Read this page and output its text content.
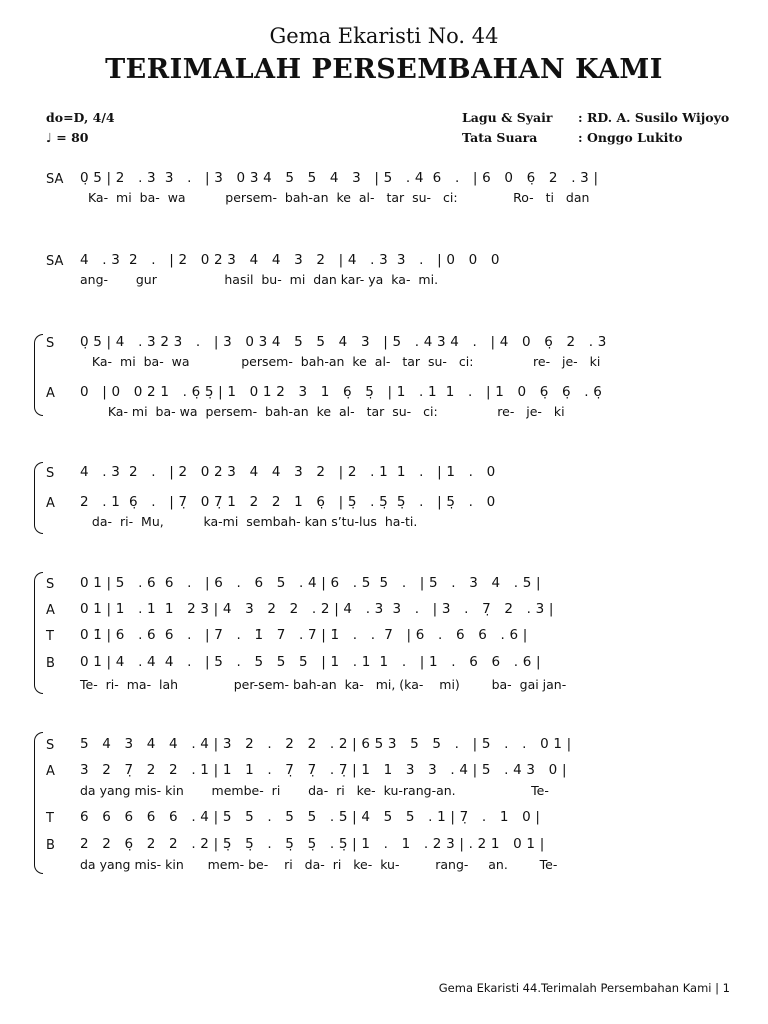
Gema Ekaristi No. 44
TERIMALAH PERSEMBAHAN KAMI
do=D, 4/4
♩ = 80
Lagu & Syair : RD. A. Susilo Wijoyo
Tata Suara	: Onggo Lukito
SA 0̣ 5 | 2   . 3  3   .   | 3   0 3 4   5   5   4   3   | 5   . 4  6   .   | 6   0   6̣   2   . 3 |
Ka-  mi  ba-  wa          persem-  bah-an  ke  al-   tar  su-   ci:              Ro-   ti   dan
SA 4   . 3  2   .   | 2   0 2 3   4   4   3   2   | 4   . 3  3   .   | 0   0   0
ang-       gur                 hasil  bu-  mi  dan kar- ya  ka-  mi.
S 0̣ 5 | 4   . 3 2 3   .   | 3   0 3 4   5   5   4   3   | 5   . 4 3 4   .   | 4   0   6̣   2   . 3
Ka-  mi  ba-  wa             persem-  bah-an  ke  al-   tar  su-   ci:               re-   je-   ki
A 0   | 0   0 2 1   . 6̣ 5̣ | 1   0 1 2   3   1   6̣   5̣   | 1   . 1  1   .   | 1   0   6̣   6̣   . 6̣
Ka- mi  ba- wa  persem-  bah-an  ke  al-   tar  su-   ci:               re-   je-   ki
S 4   . 3  2   .   | 2   0 2 3   4   4   3   2   | 2   . 1  1   .   | 1   .   0
A 2   . 1  6̣   .   | 7̣   0 7̣ 1   2   2   1   6̣   | 5̣   . 5̣  5̣   .   | 5̣   .   0
da-  ri-  Mu,          ka-mi  sembah- kan s’tu-lus  ha-ti.
S 0 1 | 5   . 6  6   .   | 6   .   6   5   . 4 | 6   . 5  5   .   | 5   .   3   4   . 5 |
A 0 1 | 1   . 1  1   2 3 | 4   3   2   2   . 2 | 4   . 3  3   .   | 3   .   7̣   2   . 3 |
T 0 1̇ | 6   . 6  6   .   | 7   .   1̇   7   . 7 | 1̇   .   .  7   | 6   .   6   6   . 6 |
B 0 1 | 4   . 4  4   .   | 5   .   5   5   5   | 1   . 1  1   .   | 1   .   6   6   . 6 |
Te-  ri-  ma-  lah              per-sem- bah-an  ka-   mi, (ka-    mi)        ba-  gai jan-
S 5   4   3   4   4   . 4 | 3   2   .   2   2   . 2 | 6 5 3   5   5   .   | 5   .   .   0 1 |
A 3   2   7̣   2   2   . 1 | 1   1   .   7̣   7̣   . 7̣ | 1   1   3   3   . 4 | 5   . 4 3   0 |
da yang mis- kin       membe-  ri       da-  ri   ke-  ku-rang-an.                   Te-
T 6   6   6   6   6   . 4 | 5   5   .   5   5   . 5 | 4   5   5   . 1 | 7̣   .   1   0 |
B 2   2   6̣   2   2   . 2 | 5̣   5̣   .   5̣   5̣   . 5̣ | 1   .   1   . 2 3 | . 2 1   0 1 |
da yang mis- kin      mem- be-    ri   da-  ri   ke-  ku-         rang-     an.        Te-
Gema Ekaristi 44.Terimalah Persembahan Kami | 1
